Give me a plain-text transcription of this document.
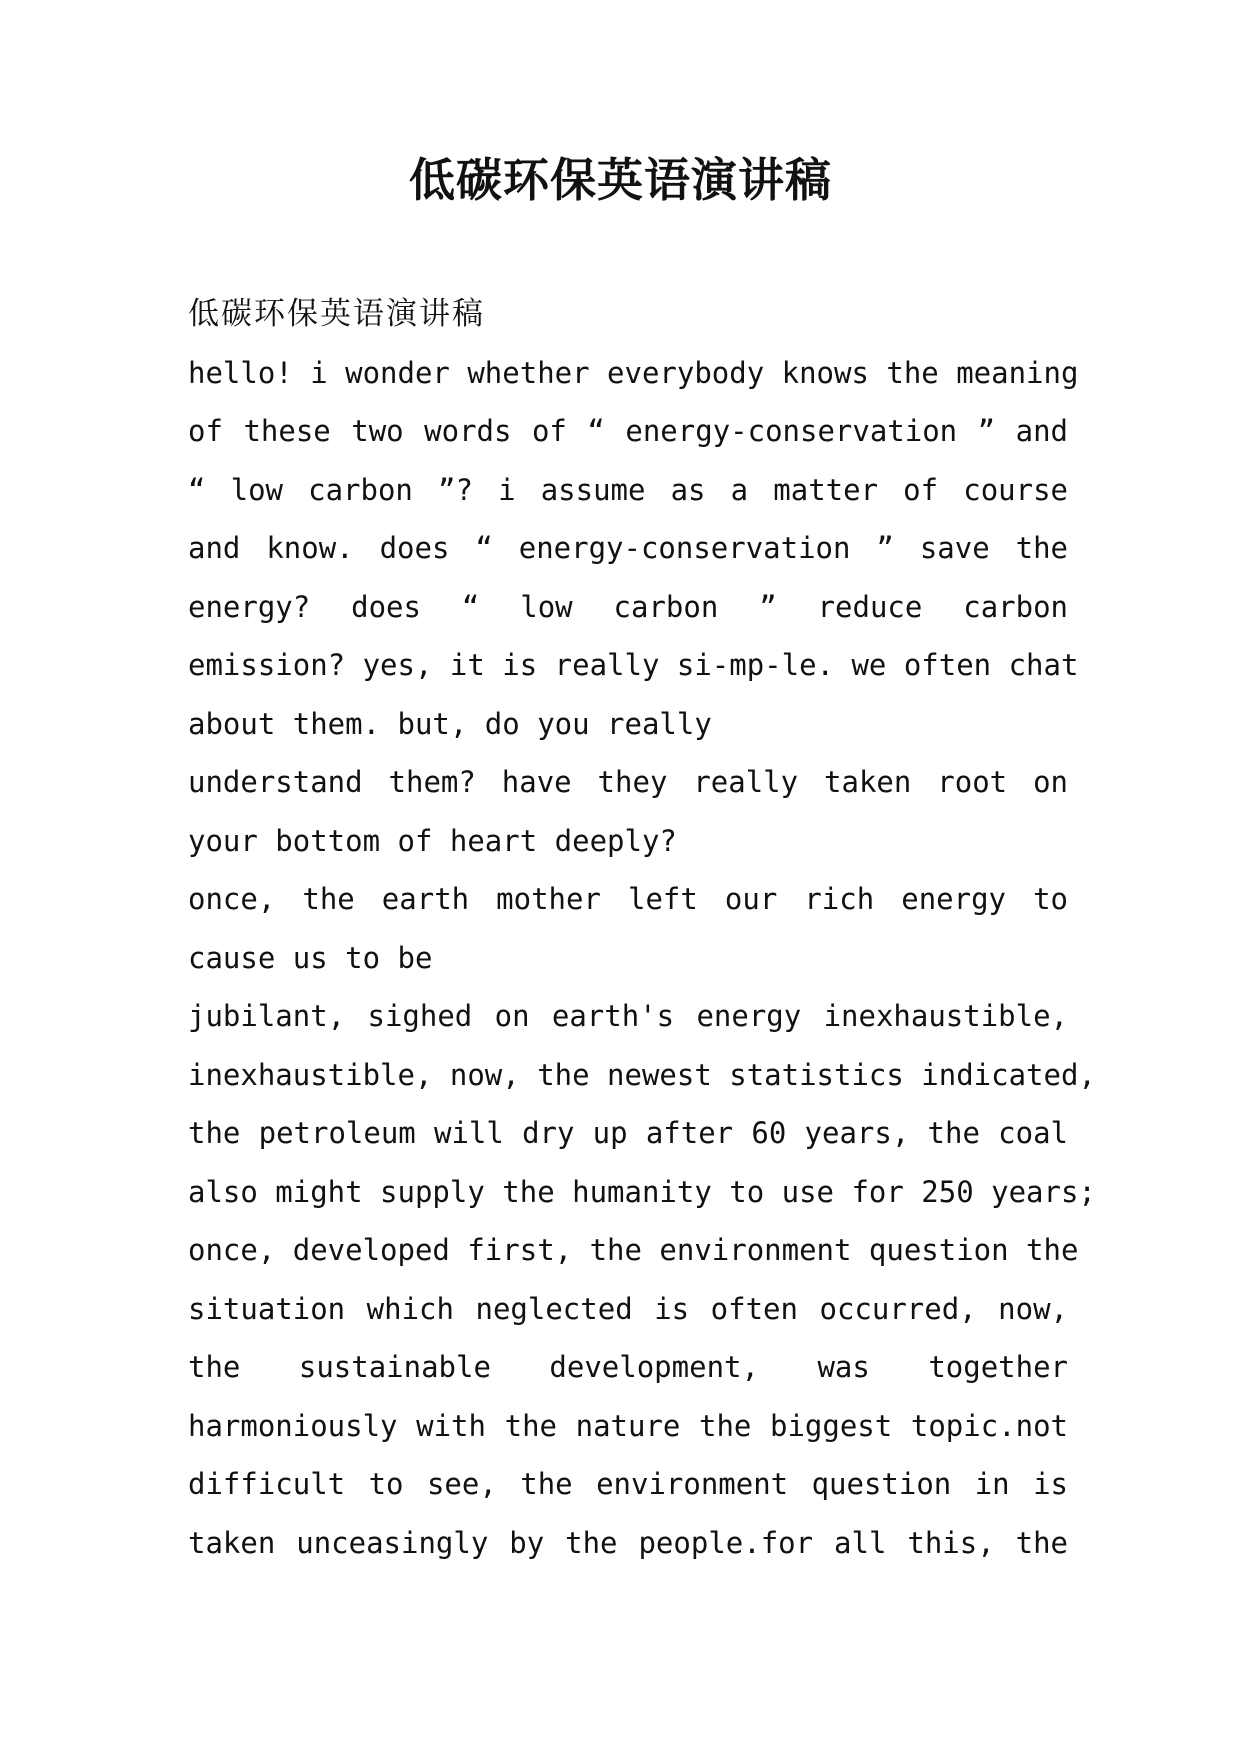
低碳环保英语演讲稿
低碳环保英语演讲稿
hello! i wonder whether everybody knows the meaning
of these two words of “ energy-conservation ” and
“ low carbon ”? i assume as a matter of course
and know. does “ energy-conservation ” save the
energy? does “ low carbon ” reduce carbon
emission? yes, it is really si-mp-le. we often chat
about them. but, do you really
understand them? have they really taken root on
your bottom of heart deeply?
once, the earth mother left our rich energy to
cause us to be
jubilant, sighed on earth's energy inexhaustible,
inexhaustible, now, the newest statistics indicated,
the petroleum will dry up after 60 years, the coal
also might supply the humanity to use for 250 years;
once, developed first, the environment question the
situation which neglected is often occurred, now,
the sustainable development, was together
harmoniously with the nature the biggest topic.not
difficult to see, the environment question in is
taken unceasingly by the people.for all this, the
